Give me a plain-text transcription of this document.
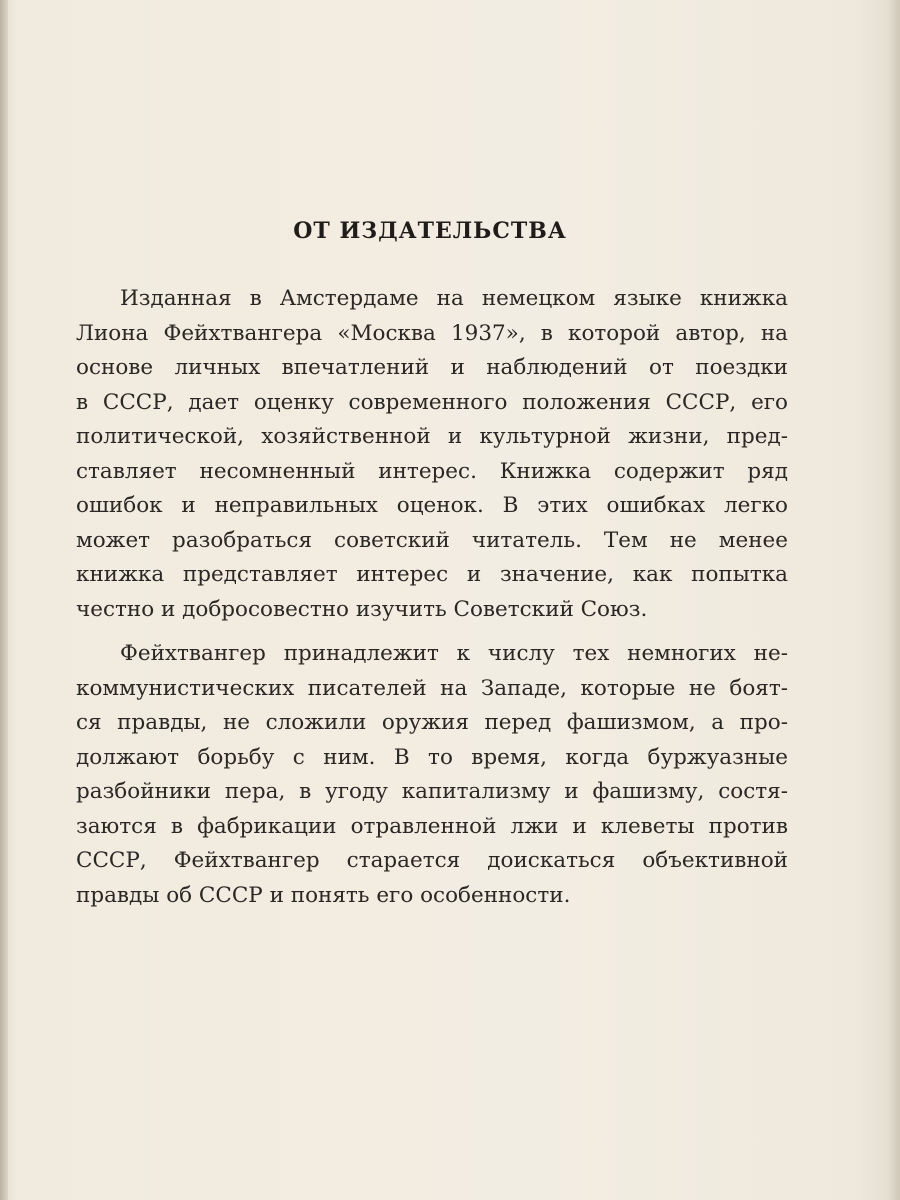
ОТ ИЗДАТЕЛЬСТВА
Изданная в Амстердаме на немецком языке книжка
Лиона Фейхтвангера «Москва 1937», в которой автор, на
основе личных впечатлений и наблюдений от поездки
в СССР, дает оценку современного положения СССР, его
политической, хозяйственной и культурной жизни, пред-
ставляет несомненный интерес. Книжка содержит ряд
ошибок и неправильных оценок. В этих ошибках легко
может разобраться советский читатель. Тем не менее
книжка представляет интерес и значение, как попытка
честно и добросовестно изучить Советский Союз.
Фейхтвангер принадлежит к числу тех немногих не-
коммунистических писателей на Западе, которые не боят-
ся правды, не сложили оружия перед фашизмом, а про-
должают борьбу с ним. В то время, когда буржуазные
разбойники пера, в угоду капитализму и фашизму, состя-
заются в фабрикации отравленной лжи и клеветы против
СССР, Фейхтвангер старается доискаться объективной
правды об СССР и понять его особенности.
